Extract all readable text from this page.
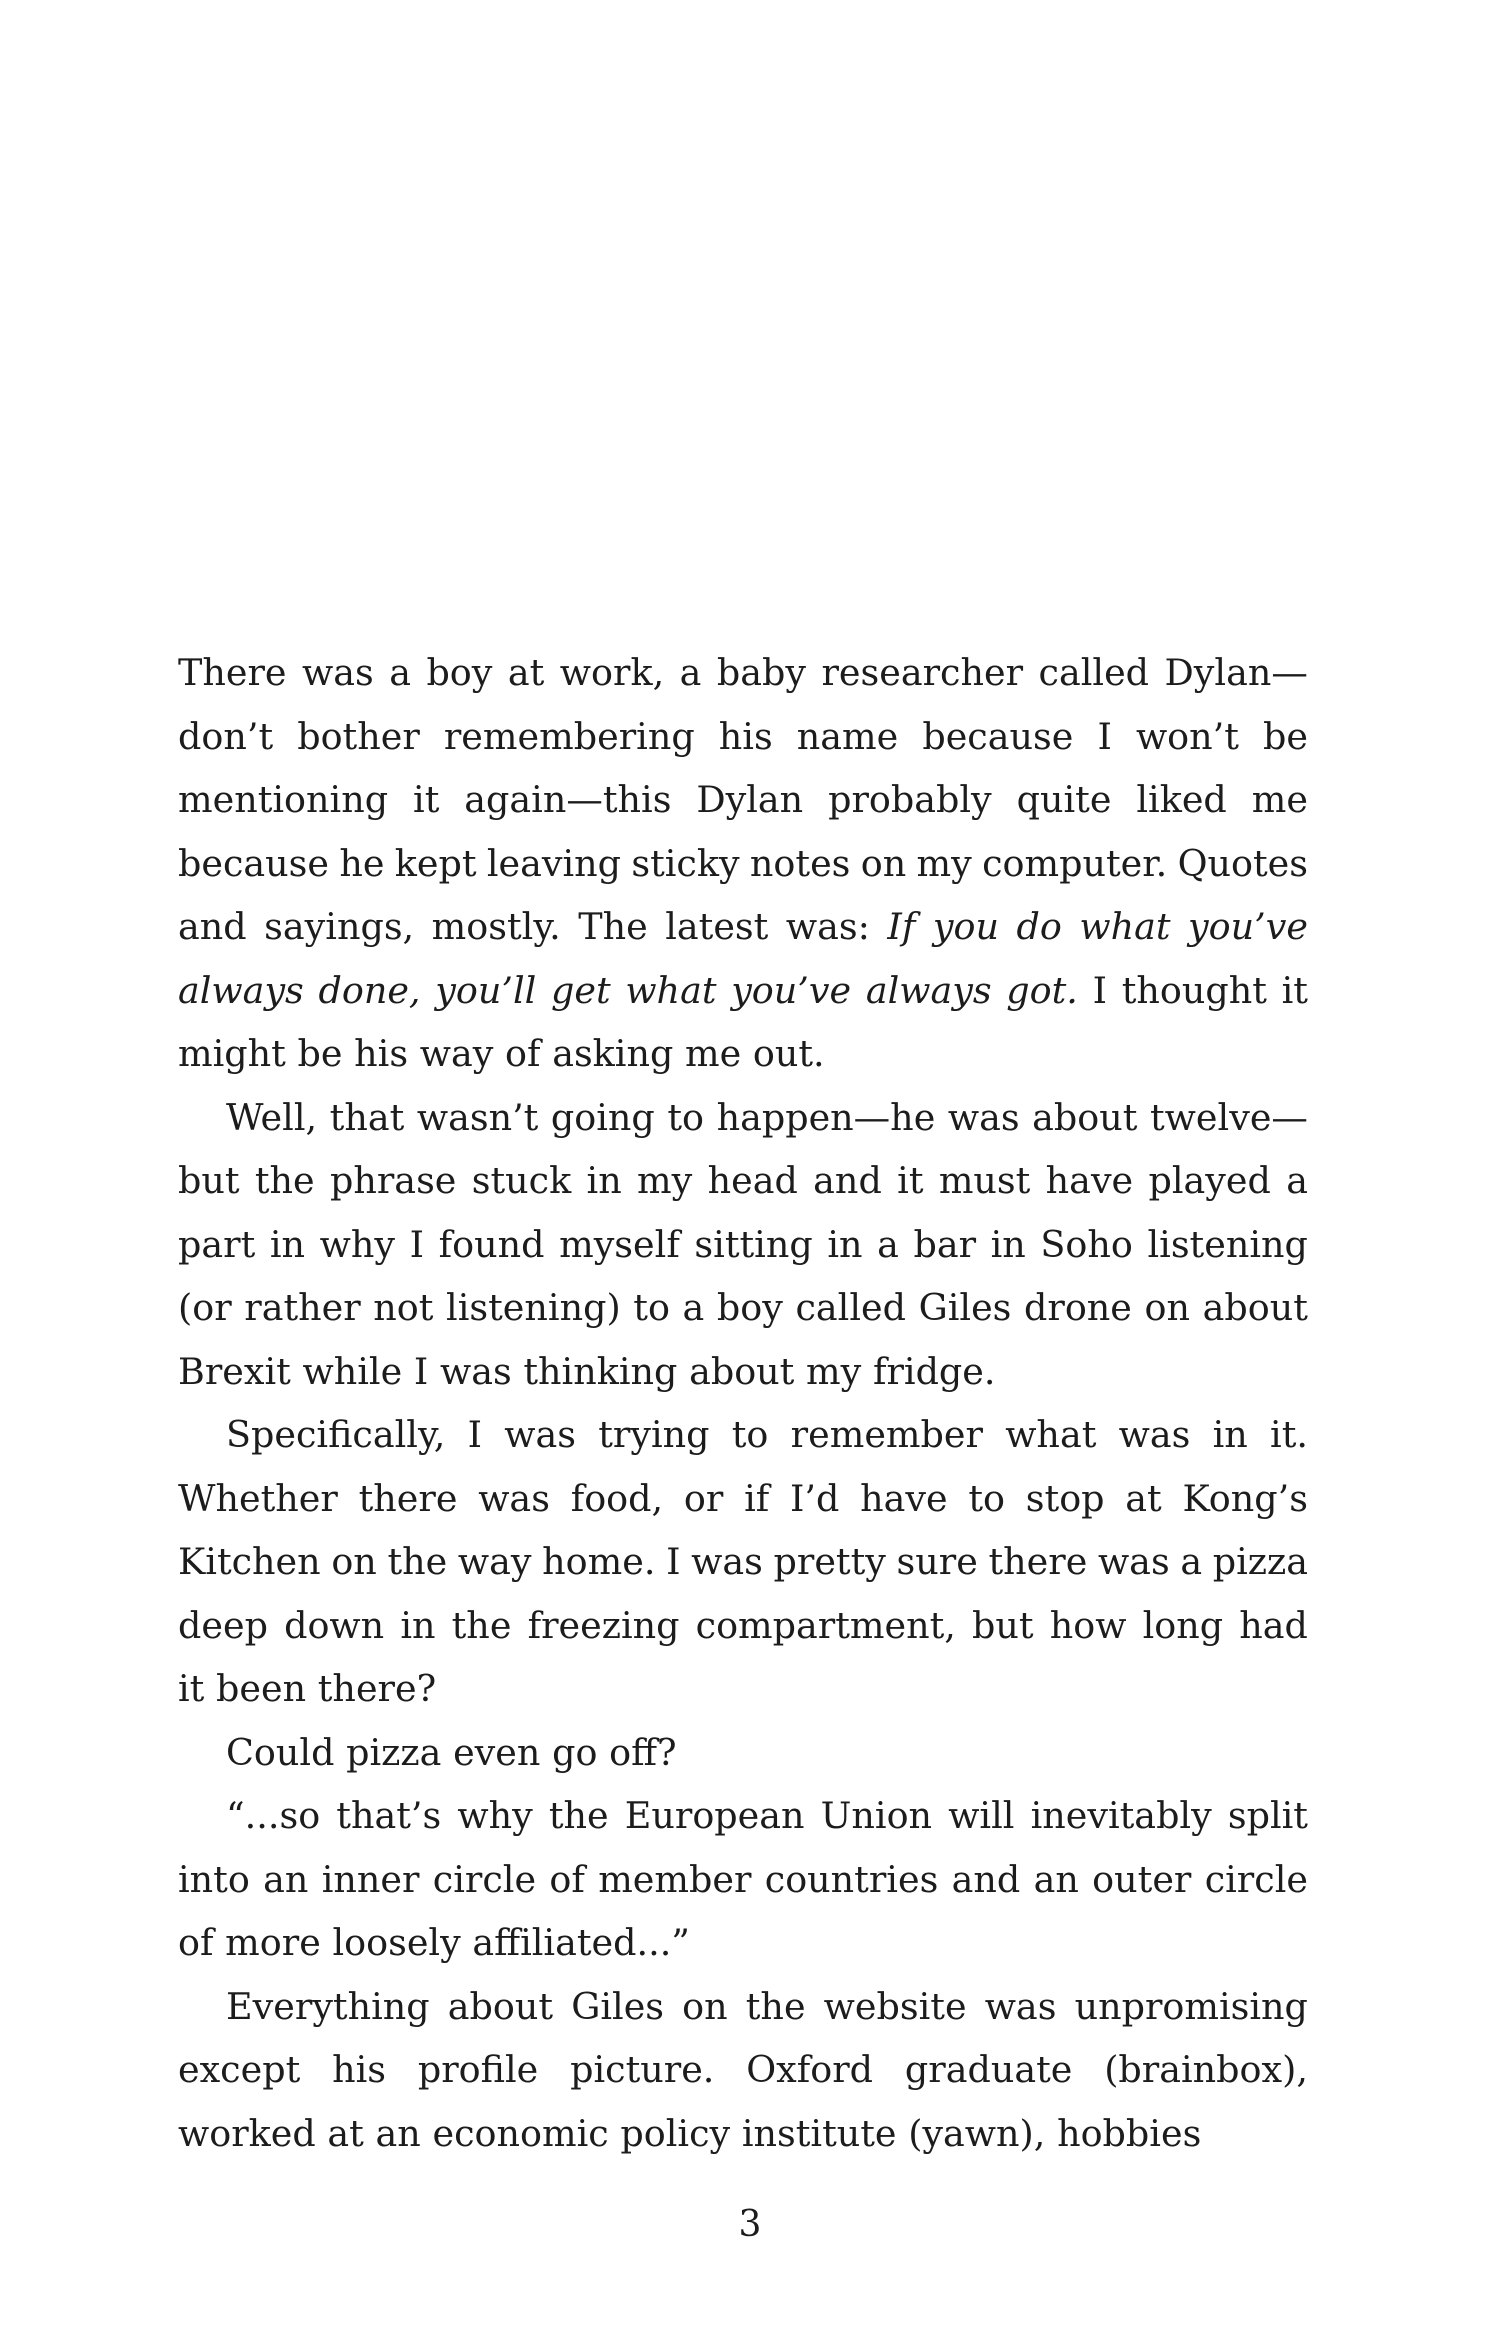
There was a boy at work, a baby researcher called Dylan—
don’t bother remembering his name because I won’t be
mentioning it again—this Dylan probably quite liked me
because he kept leaving sticky notes on my computer. Quotes
and sayings, mostly. The latest was: If you do what you’ve
always done, you’ll get what you’ve always got. I thought it
might be his way of asking me out.
Well, that wasn’t going to happen—he was about twelve—
but the phrase stuck in my head and it must have played a
part in why I found myself sitting in a bar in Soho listening
(or rather not listening) to a boy called Giles drone on about
Brexit while I was thinking about my fridge.
Specifically, I was trying to remember what was in it.
Whether there was food, or if I’d have to stop at Kong’s
Kitchen on the way home. I was pretty sure there was a pizza
deep down in the freezing compartment, but how long had
it been there?
Could pizza even go off?
“...so that’s why the European Union will inevitably split
into an inner circle of member countries and an outer circle
of more loosely affiliated...”
Everything about Giles on the website was unpromising
except his profile picture. Oxford graduate (brainbox),
worked at an economic policy institute (yawn), hobbies
3
